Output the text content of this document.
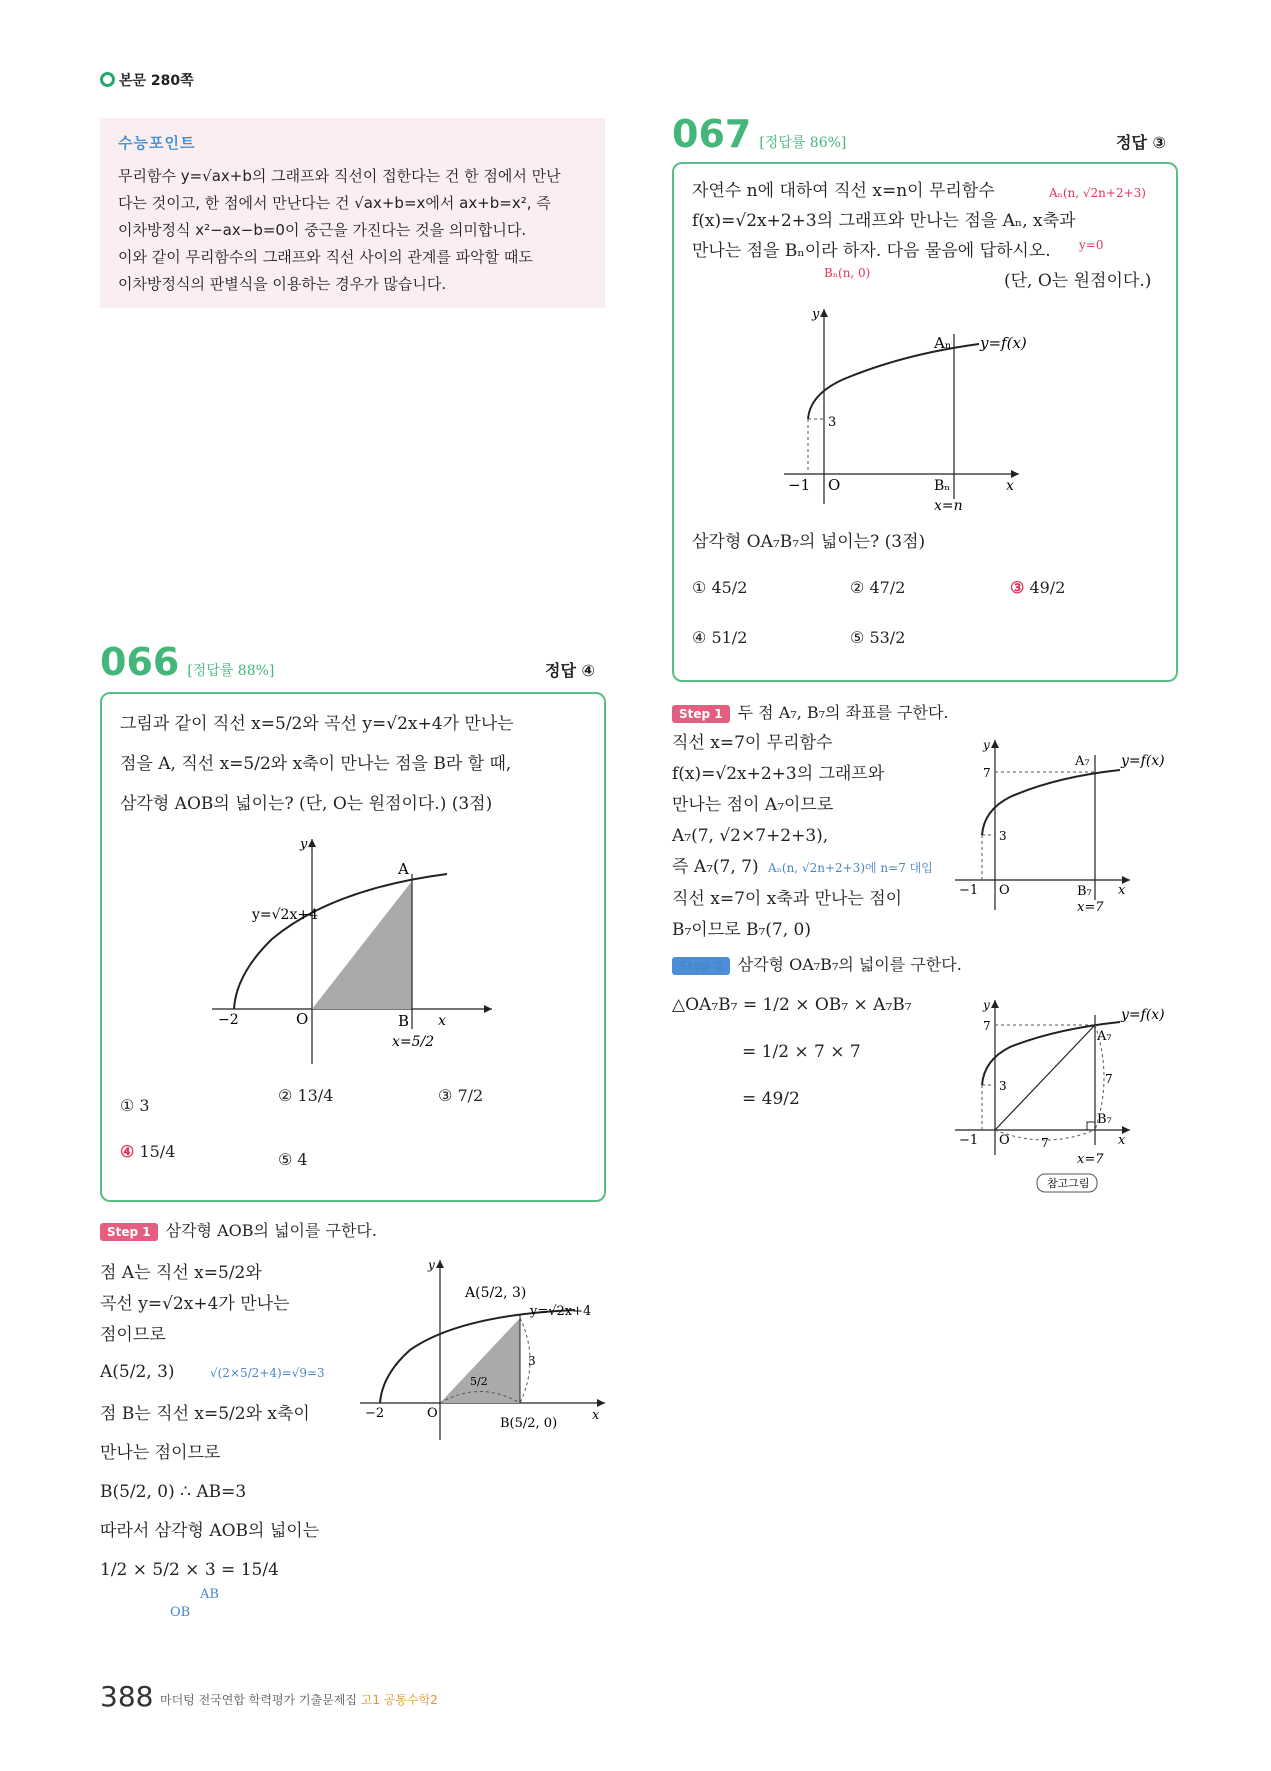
본문 280쪽
수능포인트

무리함수 y=√ax+b의 그래프와 직선이 접한다는 건 한 점에서 만난

다는 것이고, 한 점에서 만난다는 건 √ax+b=x에서 ax+b=x², 즉

이차방정식 x²−ax−b=0이 중근을 가진다는 것을 의미합니다.

이와 같이 무리함수의 그래프와 직선 사이의 관계를 파악할 때도

이차방정식의 판별식을 이용하는 경우가 많습니다.

066 [정답률 88%]	정답 ④
그림과 같이 직선 x=5/2와 곡선 y=√2x+4가 만나는
점을 A, 직선 x=5/2와 x축이 만나는 점을 B라 할 때,
삼각형 AOB의 넓이는? (단, O는 원점이다.) (3점)
y=√2x+4
A
B
O
−2
x=5/2
x
y
① 3
② 13/4	③ 7/2
④ 15/4	⑤ 4
Step 1 삼각형 AOB의 넓이를 구한다.
점 A는 직선 x=5/2와
곡선 y=√2x+4가 만나는
점이므로
A(5/2, 3)	√(2×5/2+4)=√9=3
점 B는 직선 x=5/2와 x축이
만나는 점이므로
B(5/2, 0) ∴ AB=3
따라서 삼각형 AOB의 넓이는
1/2 × 5/2 × 3 = 15/4
AB
OB
A(5/2, 3)
y=√2x+4
3
5/2
O
−2
B(5/2, 0)
x
y
067 [정답률 86%]	정답 ③
자연수 n에 대하여 직선 x=n이 무리함수
f(x)=√2x+2+3의 그래프와 만나는 점을 Aₙ, x축과
만나는 점을 Bₙ이라 하자. 다음 물음에 답하시오.
(단, O는 원점이다.)
Aₙ(n, √2n+2+3)
y=0
Bₙ(n, 0)
y=f(x)
Aₙ
3
−1 O	Bₙ
x=n
x
y
삼각형 OA₇B₇의 넓이는? (3점)
① 45/2	② 47/2	③ 49/2
④ 51/2	⑤ 53/2
Step 1 두 점 A₇, B₇의 좌표를 구한다.
직선 x=7이 무리함수
f(x)=√2x+2+3의 그래프와
만나는 점이 A₇이므로
A₇(7, √2×7+2+3),
즉 A₇(7, 7) Aₙ(n, √2n+2+3)에 n=7 대입
직선 x=7이 x축과 만나는 점이
B₇이므로 B₇(7, 0)
y=f(x)
A₇
7
3
−1 O	B₇
x=7
x
y
Step 2 삼각형 OA₇B₇의 넓이를 구한다.
△OA₇B₇ = 1/2 × OB₇ × A₇B₇
= 1/2 × 7 × 7
= 49/2
y=f(x)
A₇
7
7
7
3
−1 O
B₇
x=7
x
y
참고그림
388 마더텅 전국연합 학력평가 기출문제집 고1 공통수학2
